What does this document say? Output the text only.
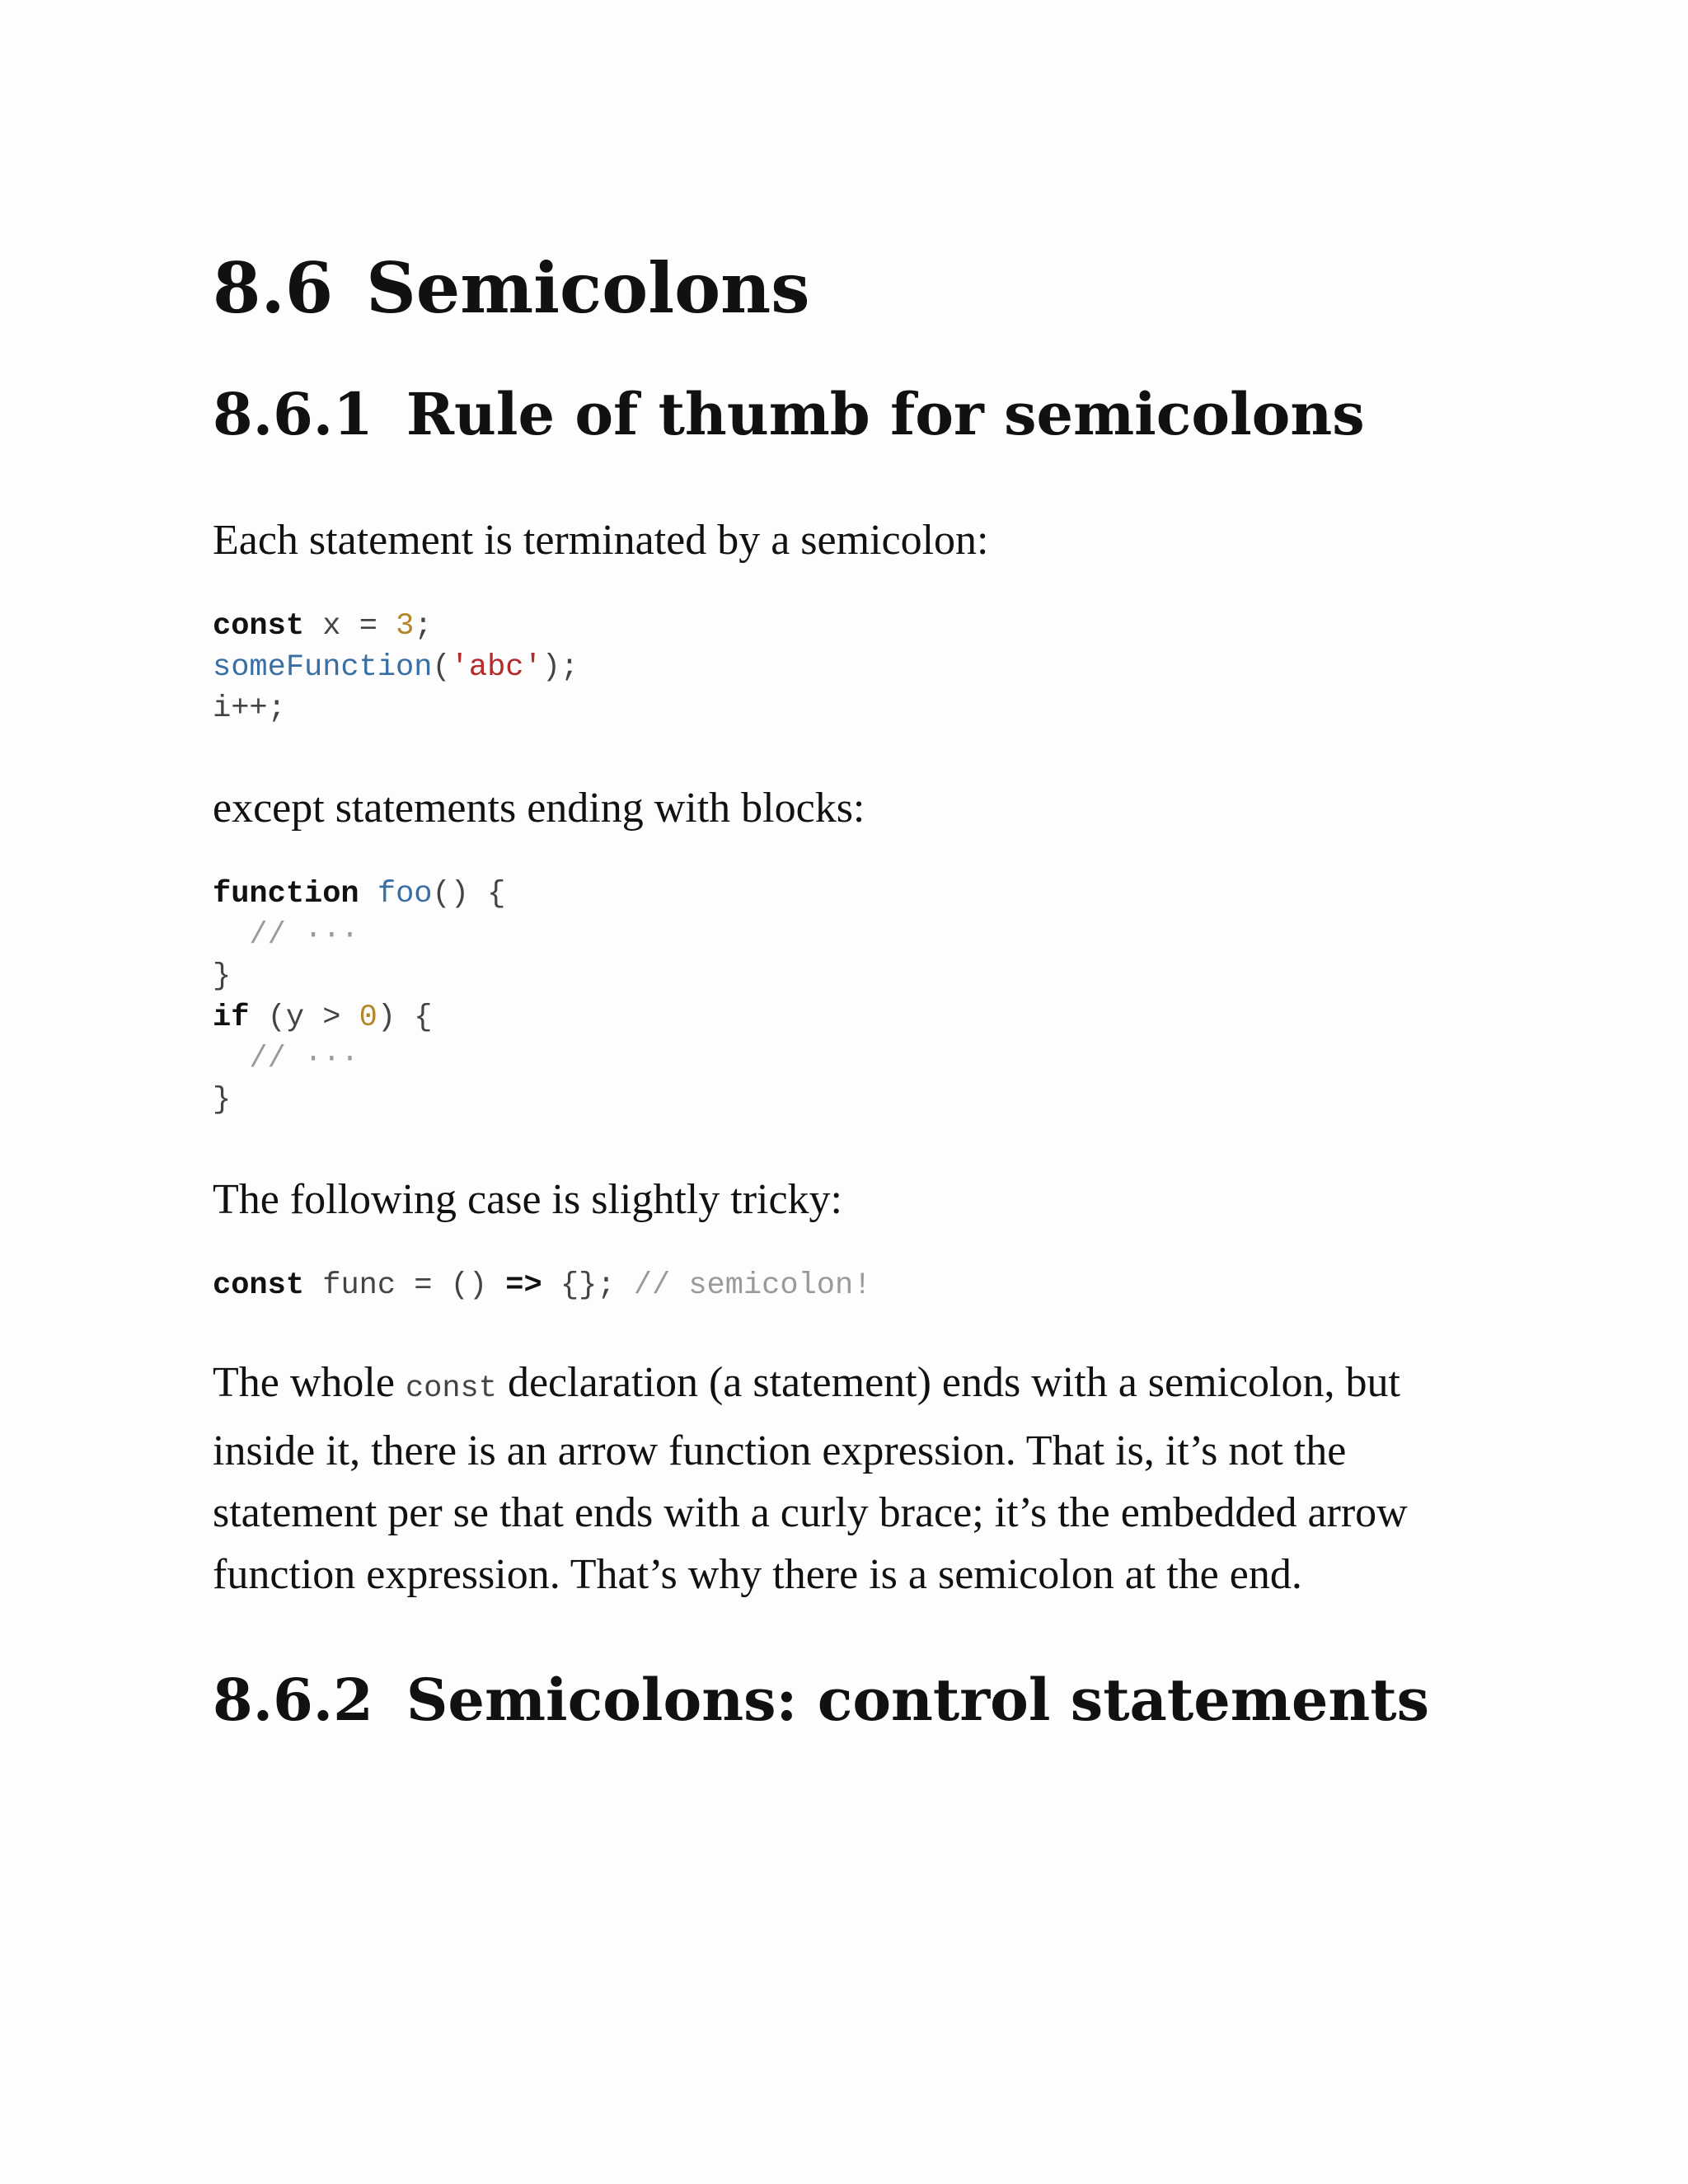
8.6 Semicolons
8.6.1 Rule of thumb for semicolons

Each statement is terminated by a semicolon:

const x = 3;
someFunction('abc');
i++;

except statements ending with blocks:

function foo() {
// ···
}
if (y > 0) {
// ···
}

The following case is slightly tricky:

const func = () => {}; // semicolon!

The whole const declaration (a statement) ends with a semicolon, but inside it, there is an arrow function expression. That is, it’s not the statement per se that ends with a curly brace; it’s the embedded arrow function expression. That’s why there is a semicolon at the end.

8.6.2 Semicolons: control statements
